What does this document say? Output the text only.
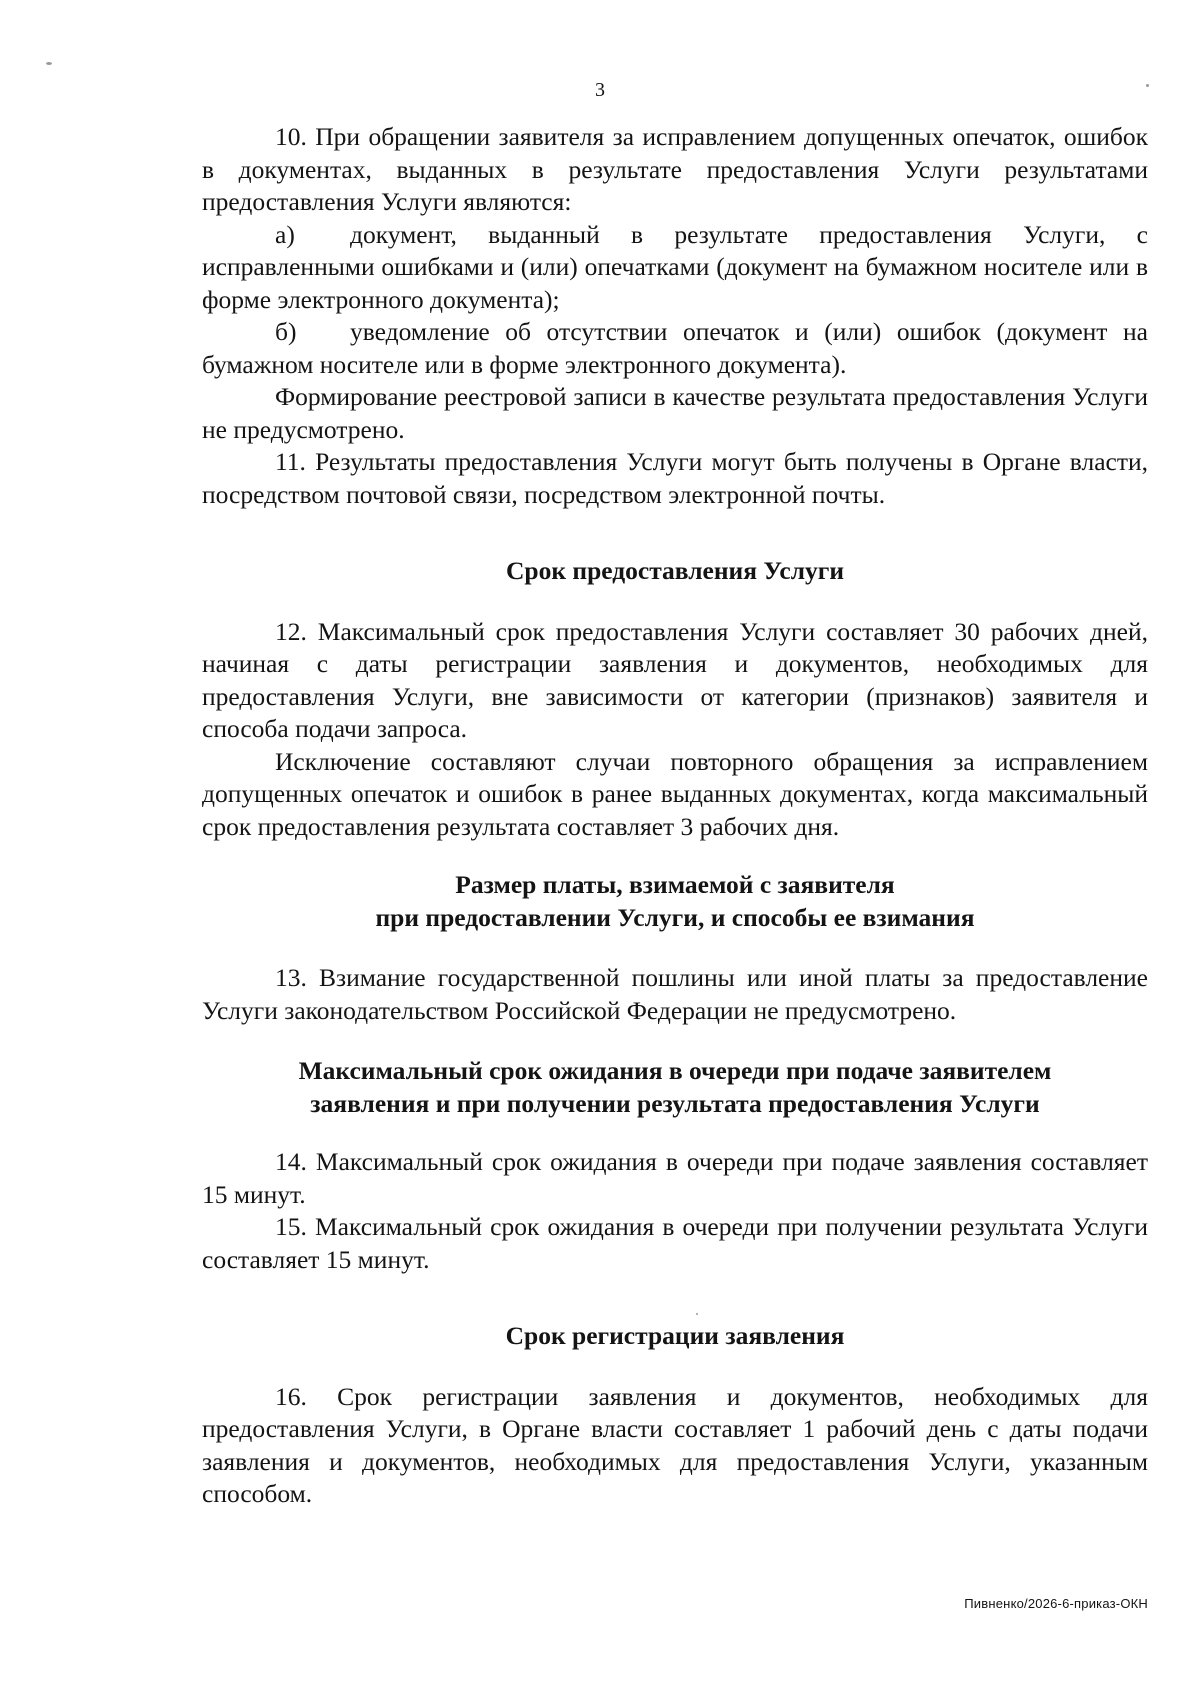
3

10. При обращении заявителя за исправлением допущенных опечаток, ошибок в документах, выданных в результате предоставления Услуги результатами предоставления Услуги являются:

а) документ, выданный в результате предоставления Услуги, с исправленными ошибками и (или) опечатками (документ на бумажном носителе или в форме электронного документа);

б) уведомление об отсутствии опечаток и (или) ошибок (документ на бумажном носителе или в форме электронного документа).

Формирование реестровой записи в качестве результата предоставления Услуги не предусмотрено.

11. Результаты предоставления Услуги могут быть получены в Органе власти, посредством почтовой связи, посредством электронной почты.

Срок предоставления Услуги

12. Максимальный срок предоставления Услуги составляет 30 рабочих дней, начиная с даты регистрации заявления и документов, необходимых для предоставления Услуги, вне зависимости от категории (признаков) заявителя и способа подачи запроса.

Исключение составляют случаи повторного обращения за исправлением допущенных опечаток и ошибок в ранее выданных документах, когда максимальный срок предоставления результата составляет 3 рабочих дня.

Размер платы, взимаемой с заявителя
при предоставлении Услуги, и способы ее взимания

13. Взимание государственной пошлины или иной платы за предоставление Услуги законодательством Российской Федерации не предусмотрено.

Максимальный срок ожидания в очереди при подаче заявителем
заявления и при получении результата предоставления Услуги

14. Максимальный срок ожидания в очереди при подаче заявления составляет 15 минут.

15. Максимальный срок ожидания в очереди при получении результата Услуги составляет 15 минут.

Срок регистрации заявления

16. Срок регистрации заявления и документов, необходимых для предоставления Услуги, в Органе власти составляет 1 рабочий день с даты подачи заявления и документов, необходимых для предоставления Услуги, указанным способом.

Пивненко/2026-6-приказ-ОКН
